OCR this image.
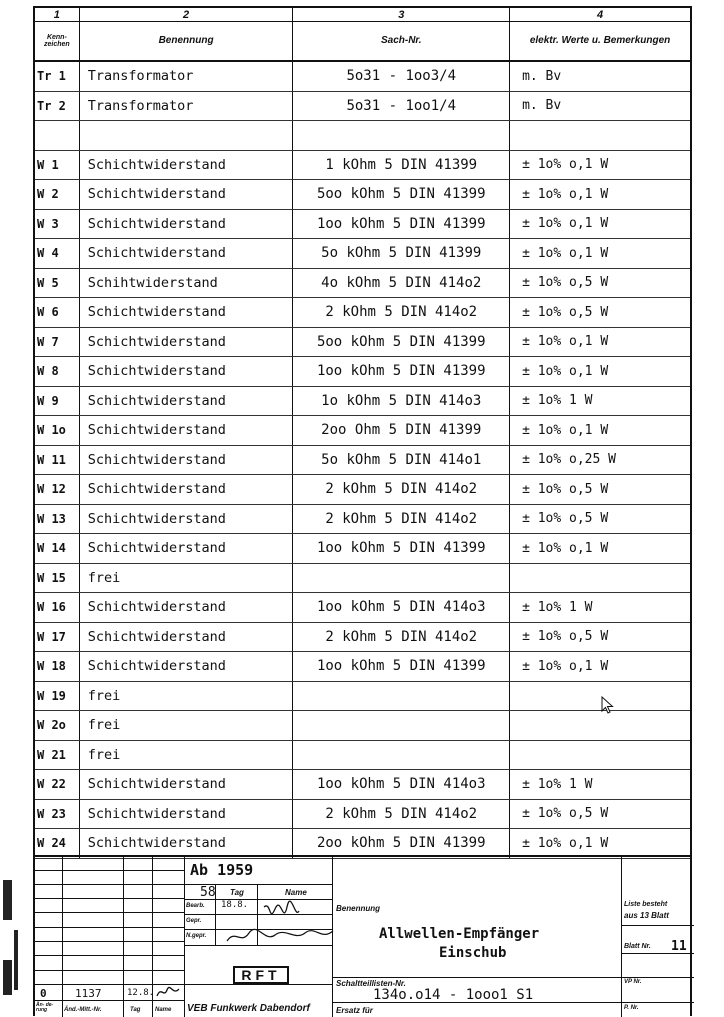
1	2	3	4
Kenn- zeichen	Benennung	Sach-Nr.	elektr. Werte u. Bemerkungen
Tr 1	Transformator	5o31 - 1oo3/4	m. Bv
Tr 2	Transformator	5o31 - 1oo1/4	m. Bv
W 1	Schichtwiderstand	1 kOhm 5 DIN 41399	± 1o% o,1 W
W 2	Schichtwiderstand	5oo kOhm 5 DIN 41399	± 1o% o,1 W
W 3	Schichtwiderstand	1oo kOhm 5 DIN 41399	± 1o% o,1 W
W 4	Schichtwiderstand	5o kOhm 5 DIN 41399	± 1o% o,1 W
W 5	Schihtwiderstand	4o kOhm 5 DIN 414o2	± 1o% o,5 W
W 6	Schichtwiderstand	2 kOhm 5 DIN 414o2	± 1o% o,5 W
W 7	Schichtwiderstand	5oo kOhm 5 DIN 41399	± 1o% o,1 W
W 8	Schichtwiderstand	1oo kOhm 5 DIN 41399	± 1o% o,1 W
W 9	Schichtwiderstand	1o kOhm 5 DIN 414o3	± 1o% 1 W
W 1o	Schichtwiderstand	2oo Ohm 5 DIN 41399	± 1o% o,1 W
W 11	Schichtwiderstand	5o kOhm 5 DIN 414o1	± 1o% o,25 W
W 12	Schichtwiderstand	2 kOhm 5 DIN 414o2	± 1o% o,5 W
W 13	Schichtwiderstand	2 kOhm 5 DIN 414o2	± 1o% o,5 W
W 14	Schichtwiderstand	1oo kOhm 5 DIN 41399	± 1o% o,1 W
W 15	frei
W 16	Schichtwiderstand	1oo kOhm 5 DIN 414o3	± 1o% 1 W
W 17	Schichtwiderstand	2 kOhm 5 DIN 414o2	± 1o% o,5 W
W 18	Schichtwiderstand	1oo kOhm 5 DIN 41399	± 1o% o,1 W
W 19	frei
W 2o	frei
W 21	frei
W 22	Schichtwiderstand	1oo kOhm 5 DIN 414o3	± 1o% 1 W
W 23	Schichtwiderstand	2 kOhm 5 DIN 414o2	± 1o% o,5 W
W 24	Schichtwiderstand	2oo kOhm 5 DIN 41399	± 1o% o,1 W
Än- de- rung	Änd.-Mitt.-Nr.	Tag Name
0	1137	12.8.
Ab 1959
58 Tag	Name
Bearb. 18.8.
Gepr.
N.gepr.
RFT
VEB Funkwerk Dabendorf
Benennung
Allwellen-Empfänger
Einschub
Schaltteillisten-Nr.
134o.o14 - 1ooo1 S1
Ersatz für
Liste besteht
aus 13 Blatt
Blatt Nr. 11
VP Nr.
P. Nr.
